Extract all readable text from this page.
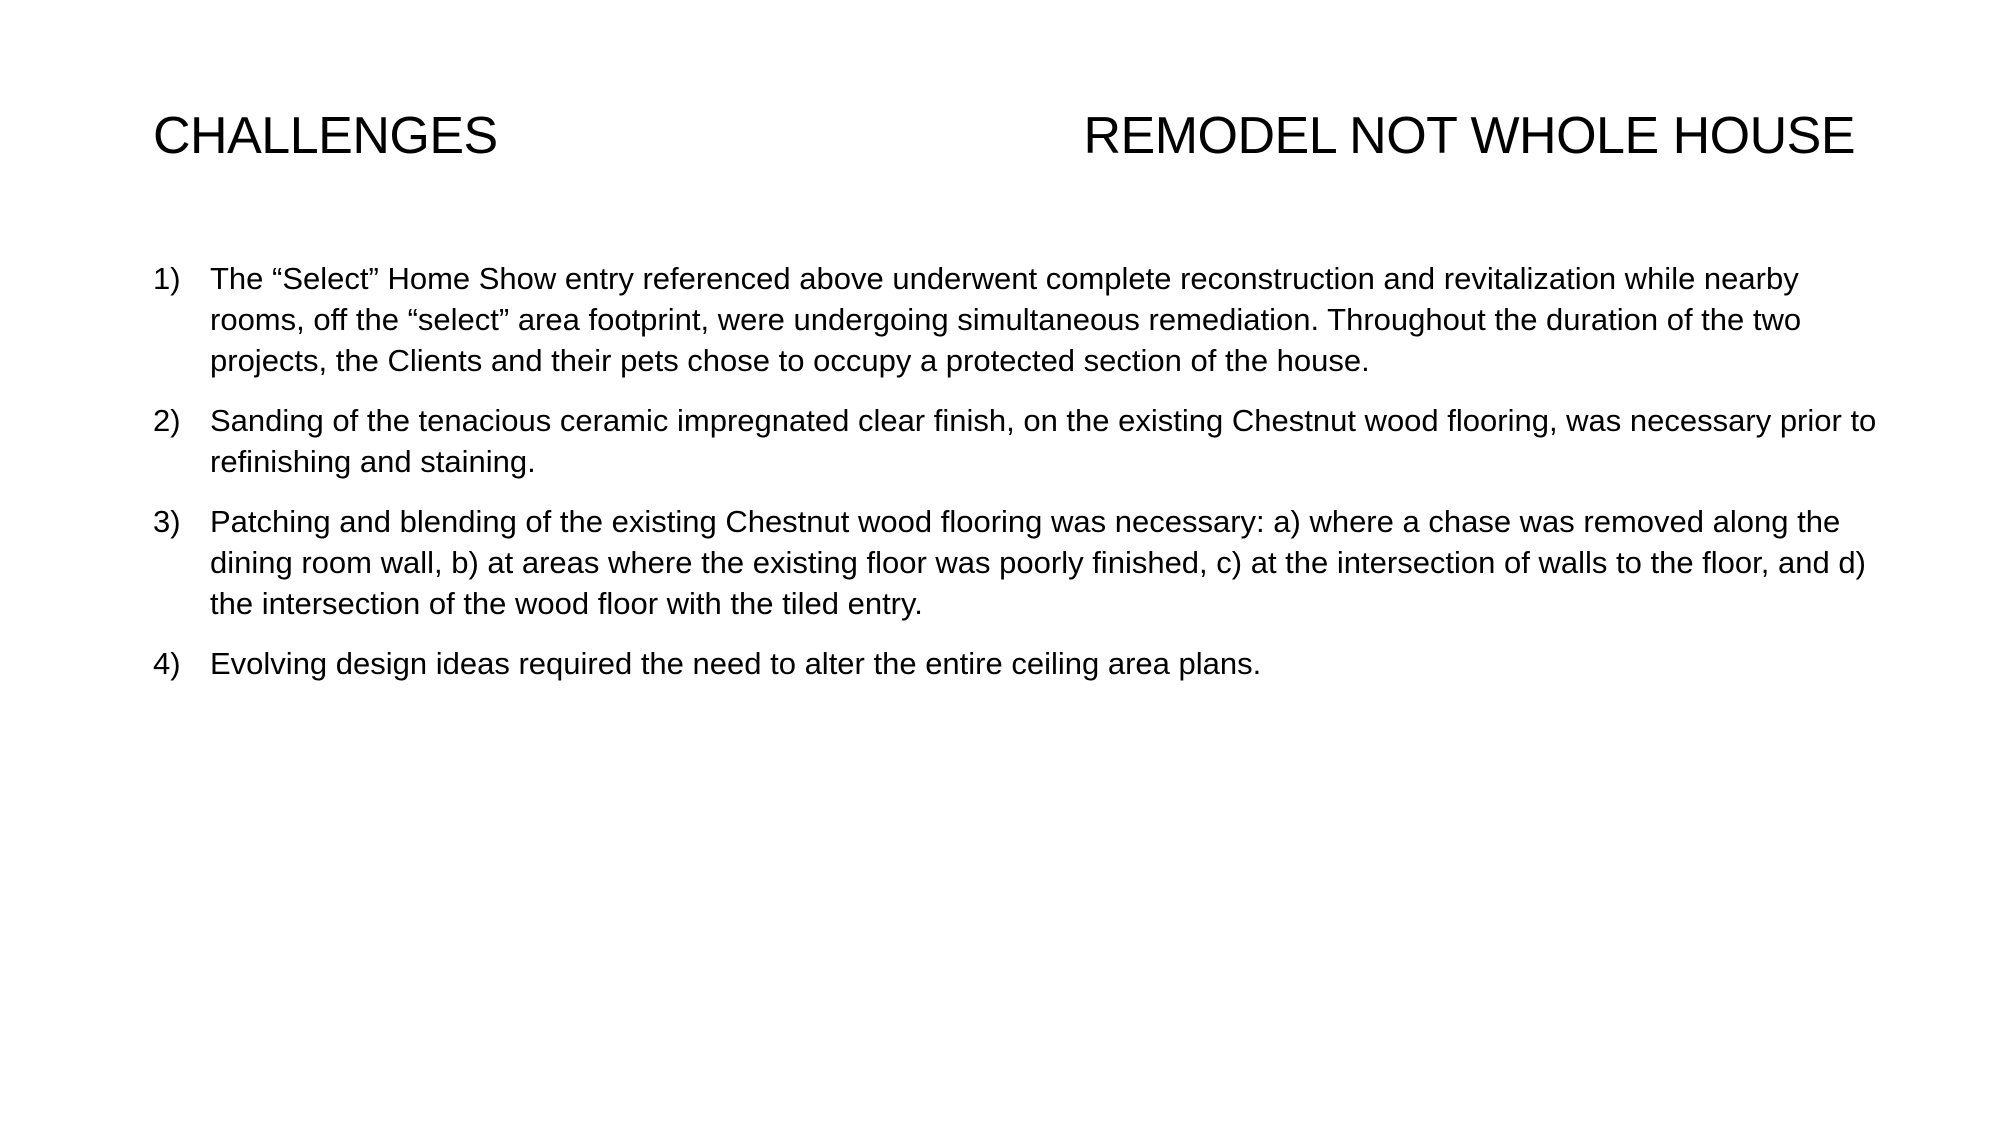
CHALLENGES	REMODEL NOT WHOLE HOUSE
1) The “Select” Home Show entry referenced above underwent complete reconstruction and revitalization while nearby rooms, off the “select” area footprint, were undergoing simultaneous remediation. Throughout the duration of the two projects, the Clients and their pets chose to occupy a protected section of the house.
2) Sanding of the tenacious ceramic impregnated clear finish, on the existing Chestnut wood flooring, was necessary prior to refinishing and staining.
3) Patching and blending of the existing Chestnut wood flooring was necessary: a) where a chase was removed along the dining room wall, b) at areas where the existing floor was poorly finished, c) at the intersection of walls to the floor, and d) the intersection of the wood floor with the tiled entry.
4) Evolving design ideas required the need to alter the entire ceiling area plans.
